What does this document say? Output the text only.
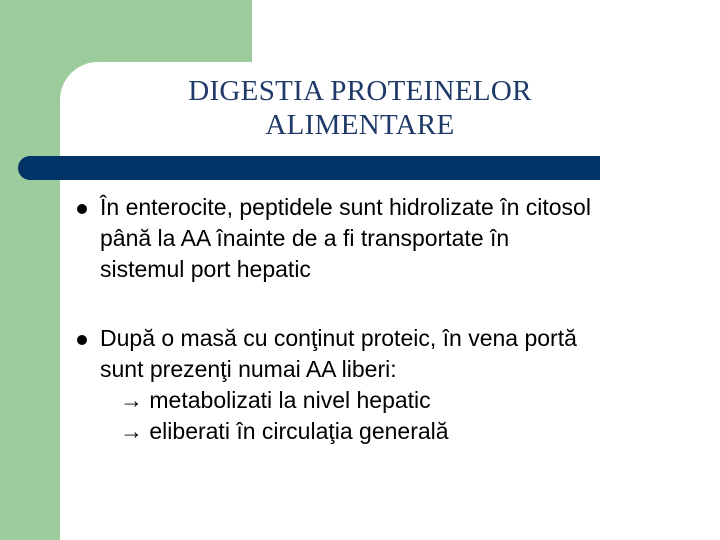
DIGESTIA PROTEINELOR
ALIMENTARE
În enterocite, peptidele sunt hidrolizate în citosol
până la AA înainte de a fi transportate în
sistemul port hepatic
După o masă cu conţinut proteic, în vena portă
sunt prezenţi numai AA liberi:
→ metabolizati la nivel hepatic
→ eliberati în circulaţia generală
